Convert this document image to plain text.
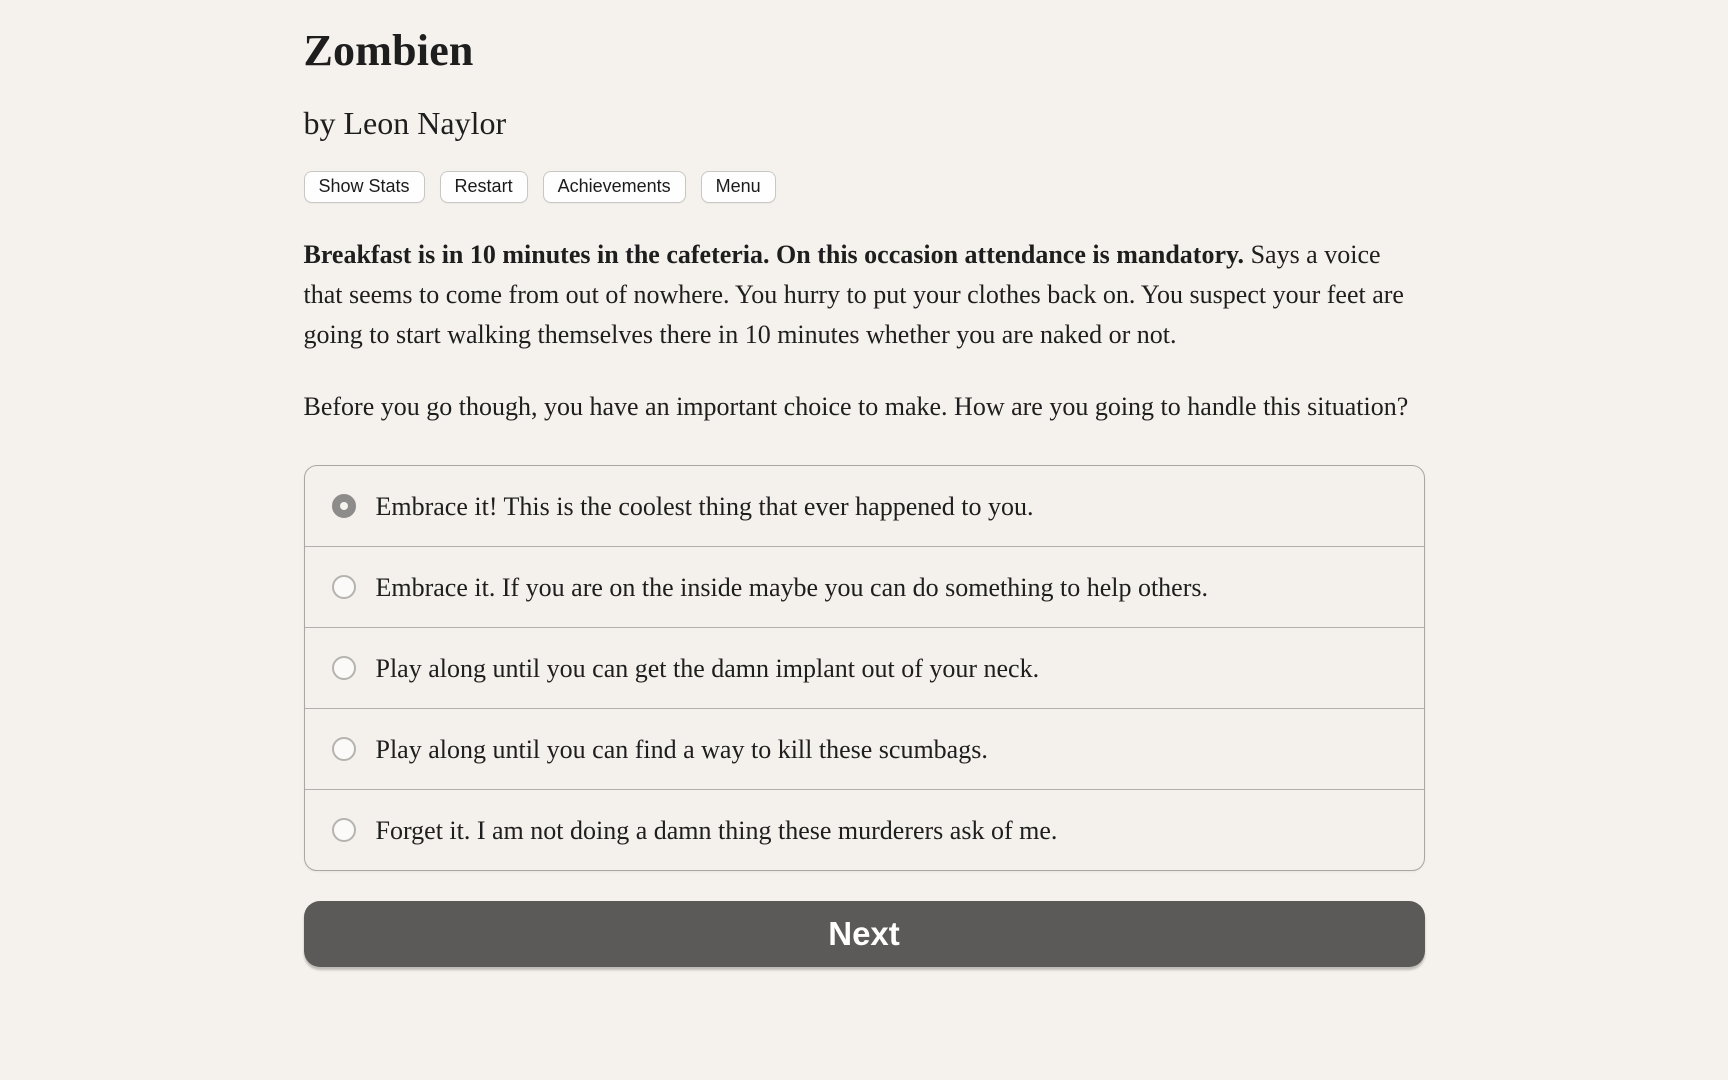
Zombien
by Leon Naylor
Show Stats	Restart	Achievements	Menu

Breakfast is in 10 minutes in the cafeteria. On this occasion attendance is mandatory. Says a voice that seems to come from out of nowhere. You hurry to put your clothes back on. You suspect your feet are going to start walking themselves there in 10 minutes whether you are naked or not.

Before you go though, you have an important choice to make. How are you going to handle this situation?

Embrace it! This is the coolest thing that ever happened to you.
Embrace it. If you are on the inside maybe you can do something to help others.
Play along until you can get the damn implant out of your neck.
Play along until you can find a way to kill these scumbags.
Forget it. I am not doing a damn thing these murderers ask of me.
Next
